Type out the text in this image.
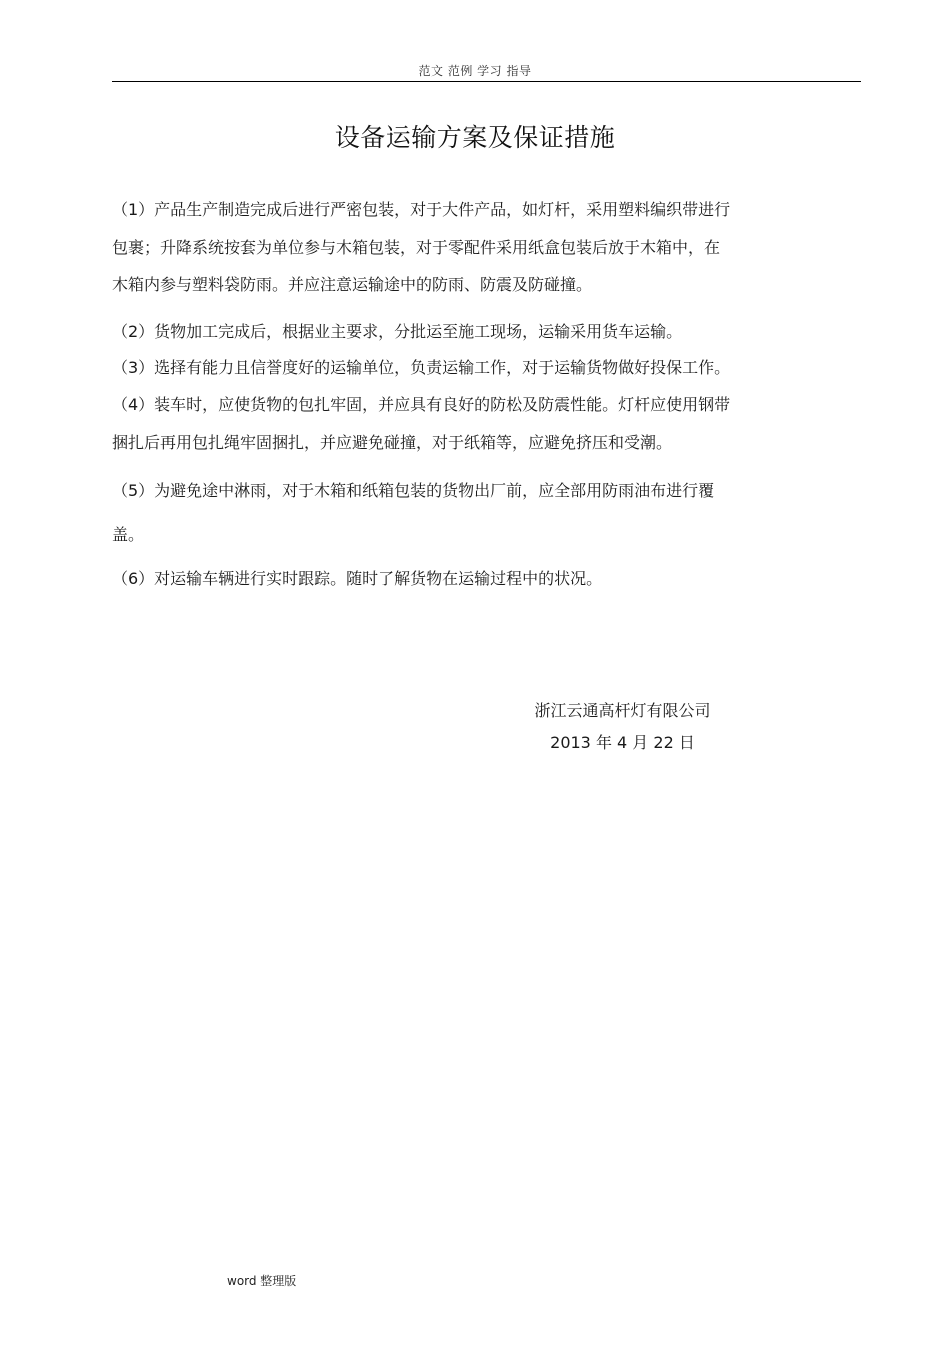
范文 范例 学习 指导
设备运输方案及保证措施
（1）产品生产制造完成后进行严密包装，对于大件产品，如灯杆，采用塑料编织带进行
包裹；升降系统按套为单位参与木箱包装，对于零配件采用纸盒包装后放于木箱中，在
木箱内参与塑料袋防雨。并应注意运输途中的防雨、防震及防碰撞。
（2）货物加工完成后，根据业主要求，分批运至施工现场，运输采用货车运输。
（3）选择有能力且信誉度好的运输单位，负责运输工作，对于运输货物做好投保工作。
（4）装车时，应使货物的包扎牢固，并应具有良好的防松及防震性能。灯杆应使用钢带
捆扎后再用包扎绳牢固捆扎，并应避免碰撞，对于纸箱等，应避免挤压和受潮。
（5）为避免途中淋雨，对于木箱和纸箱包装的货物出厂前，应全部用防雨油布进行覆
盖。
（6）对运输车辆进行实时跟踪。随时了解货物在运输过程中的状况。
浙江云通高杆灯有限公司
2013 年 4 月 22 日
word 整理版
